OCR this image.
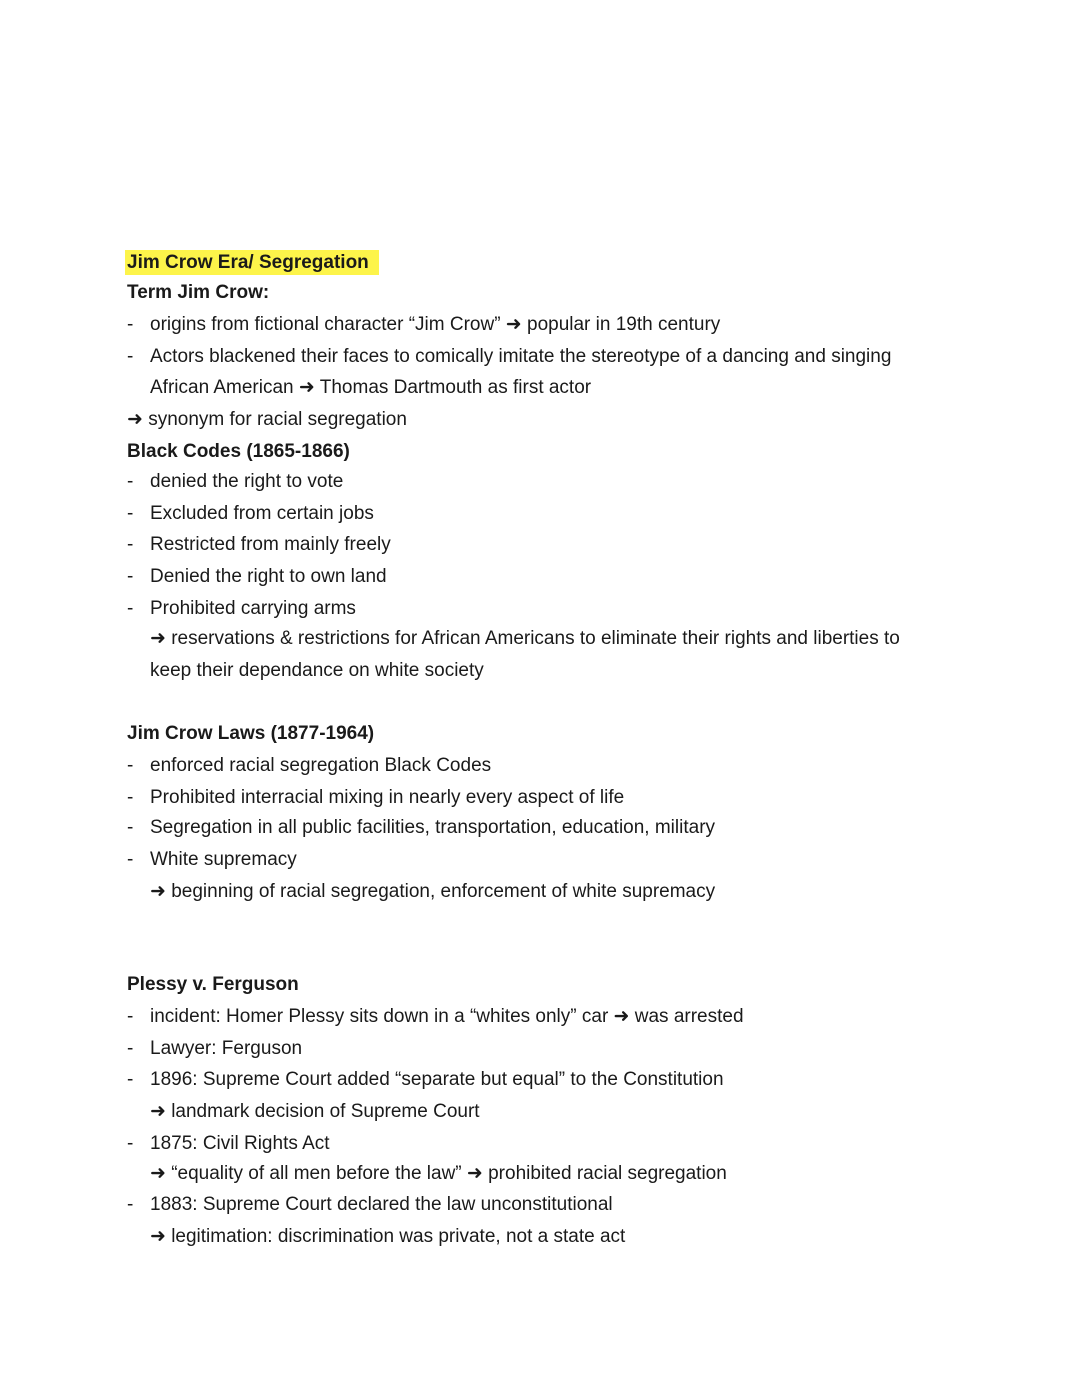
Jim Crow Era/ Segregation
Term Jim Crow:
- origins from fictional character “Jim Crow” ➜ popular in 19th century
- Actors blackened their faces to comically imitate the stereotype of a dancing and singing
African American ➜ Thomas Dartmouth as first actor
➜ synonym for racial segregation
Black Codes (1865-1866)
- denied the right to vote
- Excluded from certain jobs
- Restricted from mainly freely
- Denied the right to own land
- Prohibited carrying arms
➜ reservations & restrictions for African Americans to eliminate their rights and liberties to
keep their dependance on white society
Jim Crow Laws (1877-1964)
- enforced racial segregation Black Codes
- Prohibited interracial mixing in nearly every aspect of life
- Segregation in all public facilities, transportation, education, military
- White supremacy
➜ beginning of racial segregation, enforcement of white supremacy
Plessy v. Ferguson
- incident: Homer Plessy sits down in a “whites only” car ➜ was arrested
- Lawyer: Ferguson
- 1896: Supreme Court added “separate but equal” to the Constitution
➜ landmark decision of Supreme Court
- 1875: Civil Rights Act
➜ “equality of all men before the law” ➜ prohibited racial segregation
- 1883: Supreme Court declared the law unconstitutional
➜ legitimation: discrimination was private, not a state act
